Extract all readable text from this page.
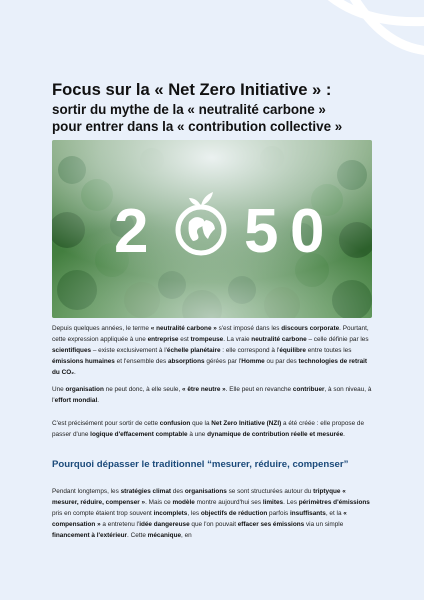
Focus sur la « Net Zero Initiative » :
sortir du mythe de la « neutralité carbone »
pour entrer dans la « contribution collective »
2 5 0
Depuis quelques années, le terme « neutralité carbone » s'est imposé dans les discours corporate. Pourtant, cette expression appliquée à une entreprise est trompeuse. La vraie neutralité carbone – celle définie par les scientifiques – existe exclusivement à l'échelle planétaire : elle correspond à l'équilibre entre toutes les émissions humaines et l'ensemble des absorptions gérées par l'Homme ou par des technologies de retrait du CO₂.
Une organisation ne peut donc, à elle seule, « être neutre ». Elle peut en revanche contribuer, à son niveau, à l'effort mondial.
C'est précisément pour sortir de cette confusion que la Net Zero Initiative (NZI) a été créée : elle propose de passer d'une logique d'effacement comptable à une dynamique de contribution réelle et mesurée.
Pourquoi dépasser le traditionnel “mesurer, réduire, compenser”
Pendant longtemps, les stratégies climat des organisations se sont structurées autour du triptyque « mesurer, réduire, compenser ». Mais ce modèle montre aujourd'hui ses limites. Les périmètres d'émissions pris en compte étaient trop souvent incomplets, les objectifs de réduction parfois insuffisants, et la « compensation » a entretenu l'idée dangereuse que l'on pouvait effacer ses émissions via un simple financement à l'extérieur. Cette mécanique, en
